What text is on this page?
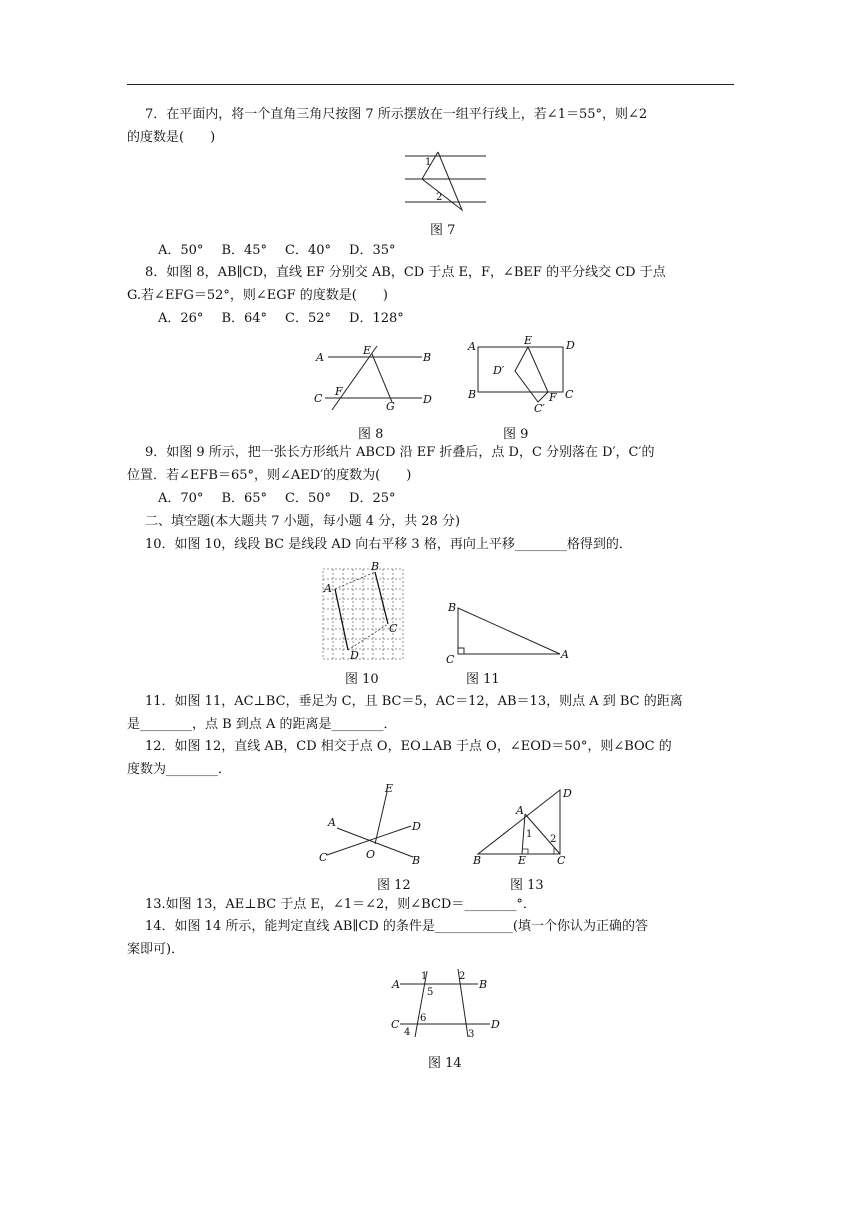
7．在平面内，将一个直角三角尺按图 7 所示摆放在一组平行线上，若∠1＝55°，则∠2
的度数是(　　)
1
2
图 7
A．50° B．45° C．40° D．35°
8．如图 8，AB∥CD，直线 EF 分别交 AB，CD 于点 E，F，∠BEF 的平分线交 CD 于点
G.若∠EFG＝52°，则∠EGF 的度数是(　　)
A．26° B．64° C．52° D．128°
A	B
C	D
E
F
G
图 8
A	D
B	C
E
F
D′
C′
图 9
9．如图 9 所示，把一张长方形纸片 ABCD 沿 EF 折叠后，点 D，C 分别落在 D′，C′的
位置．若∠EFB＝65°，则∠AED′的度数为(　　)
A．70° B．65° C．50° D．25°
二、填空题(本大题共 7 小题，每小题 4 分，共 28 分)
10．如图 10，线段 BC 是线段 AD 向右平移 3 格，再向上平移________格得到的．
A
B
C
D
图 10
A
B
C
图 11
11．如图 11，AC⊥BC，垂足为 C，且 BC＝5，AC＝12，AB＝13，则点 A 到 BC 的距离
是________，点 B 到点 A 的距离是________．
12．如图 12，直线 AB，CD 相交于点 O，EO⊥AB 于点 O，∠EOD＝50°，则∠BOC 的
度数为________．
A
B
C
D
E
O
图 12
B	C
A
D
E
1 2
图 13
13.如图 13，AE⊥BC 于点 E，∠1＝∠2，则∠BCD＝________°．
14．如图 14 所示，能判定直线 AB∥CD 的条件是____________(填一个你认为正确的答
案即可)．
A	B
C	D
1	2
3
4
5
6
图 14
